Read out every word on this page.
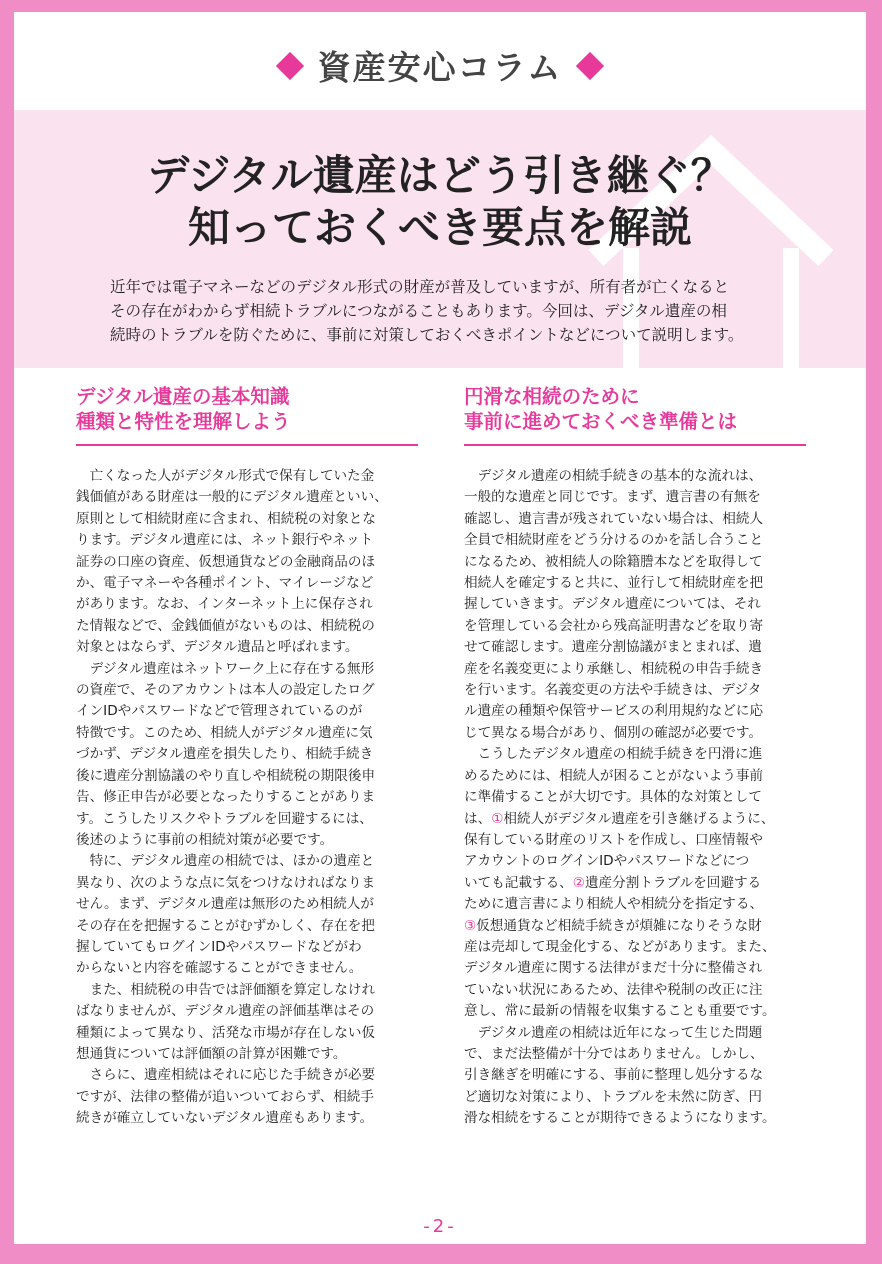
資産安心コラム
デジタル遺産はどう引き継ぐ？
知っておくべき要点を解説
近年では電子マネーなどのデジタル形式の財産が普及していますが、所有者が亡くなると
その存在がわからず相続トラブルにつながることもあります。今回は、デジタル遺産の相
続時のトラブルを防ぐために、事前に対策しておくべきポイントなどについて説明します。
デジタル遺産の基本知識
種類と特性を理解しよう
　亡くなった人がデジタル形式で保有していた金
銭価値がある財産は一般的にデジタル遺産といい、
原則として相続財産に含まれ、相続税の対象とな
ります。デジタル遺産には、ネット銀行やネット
証券の口座の資産、仮想通貨などの金融商品のほ
か、電子マネーや各種ポイント、マイレージなど
があります。なお、インターネット上に保存され
た情報などで、金銭価値がないものは、相続税の
対象とはならず、デジタル遺品と呼ばれます。
　デジタル遺産はネットワーク上に存在する無形
の資産で、そのアカウントは本人の設定したログ
インIDやパスワードなどで管理されているのが
特徴です。このため、相続人がデジタル遺産に気
づかず、デジタル遺産を損失したり、相続手続き
後に遺産分割協議のやり直しや相続税の期限後申
告、修正申告が必要となったりすることがありま
す。こうしたリスクやトラブルを回避するには、
後述のように事前の相続対策が必要です。
　特に、デジタル遺産の相続では、ほかの遺産と
異なり、次のような点に気をつけなければなりま
せん。まず、デジタル遺産は無形のため相続人が
その存在を把握することがむずかしく、存在を把
握していてもログインIDやパスワードなどがわ
からないと内容を確認することができません。
　また、相続税の申告では評価額を算定しなけれ
ばなりませんが、デジタル遺産の評価基準はその
種類によって異なり、活発な市場が存在しない仮
想通貨については評価額の計算が困難です。
　さらに、遺産相続はそれに応じた手続きが必要
ですが、法律の整備が追いついておらず、相続手
続きが確立していないデジタル遺産もあります。
円滑な相続のために
事前に進めておくべき準備とは
　デジタル遺産の相続手続きの基本的な流れは、
一般的な遺産と同じです。まず、遺言書の有無を
確認し、遺言書が残されていない場合は、相続人
全員で相続財産をどう分けるのかを話し合うこと
になるため、被相続人の除籍謄本などを取得して
相続人を確定すると共に、並行して相続財産を把
握していきます。デジタル遺産については、それ
を管理している会社から残高証明書などを取り寄
せて確認します。遺産分割協議がまとまれば、遺
産を名義変更により承継し、相続税の申告手続き
を行います。名義変更の方法や手続きは、デジタ
ル遺産の種類や保管サービスの利用規約などに応
じて異なる場合があり、個別の確認が必要です。
　こうしたデジタル遺産の相続手続きを円滑に進
めるためには、相続人が困ることがないよう事前
に準備することが大切です。具体的な対策として
は、①相続人がデジタル遺産を引き継げるように、
保有している財産のリストを作成し、口座情報や
アカウントのログインIDやパスワードなどにつ
いても記載する、②遺産分割トラブルを回避する
ために遺言書により相続人や相続分を指定する、
③仮想通貨など相続手続きが煩雑になりそうな財
産は売却して現金化する、などがあります。また、
デジタル遺産に関する法律がまだ十分に整備され
ていない状況にあるため、法律や税制の改正に注
意し、常に最新の情報を収集することも重要です。
　デジタル遺産の相続は近年になって生じた問題
で、まだ法整備が十分ではありません。しかし、
引き継ぎを明確にする、事前に整理し処分するな
ど適切な対策により、トラブルを未然に防ぎ、円
滑な相続をすることが期待できるようになります。
-2-
